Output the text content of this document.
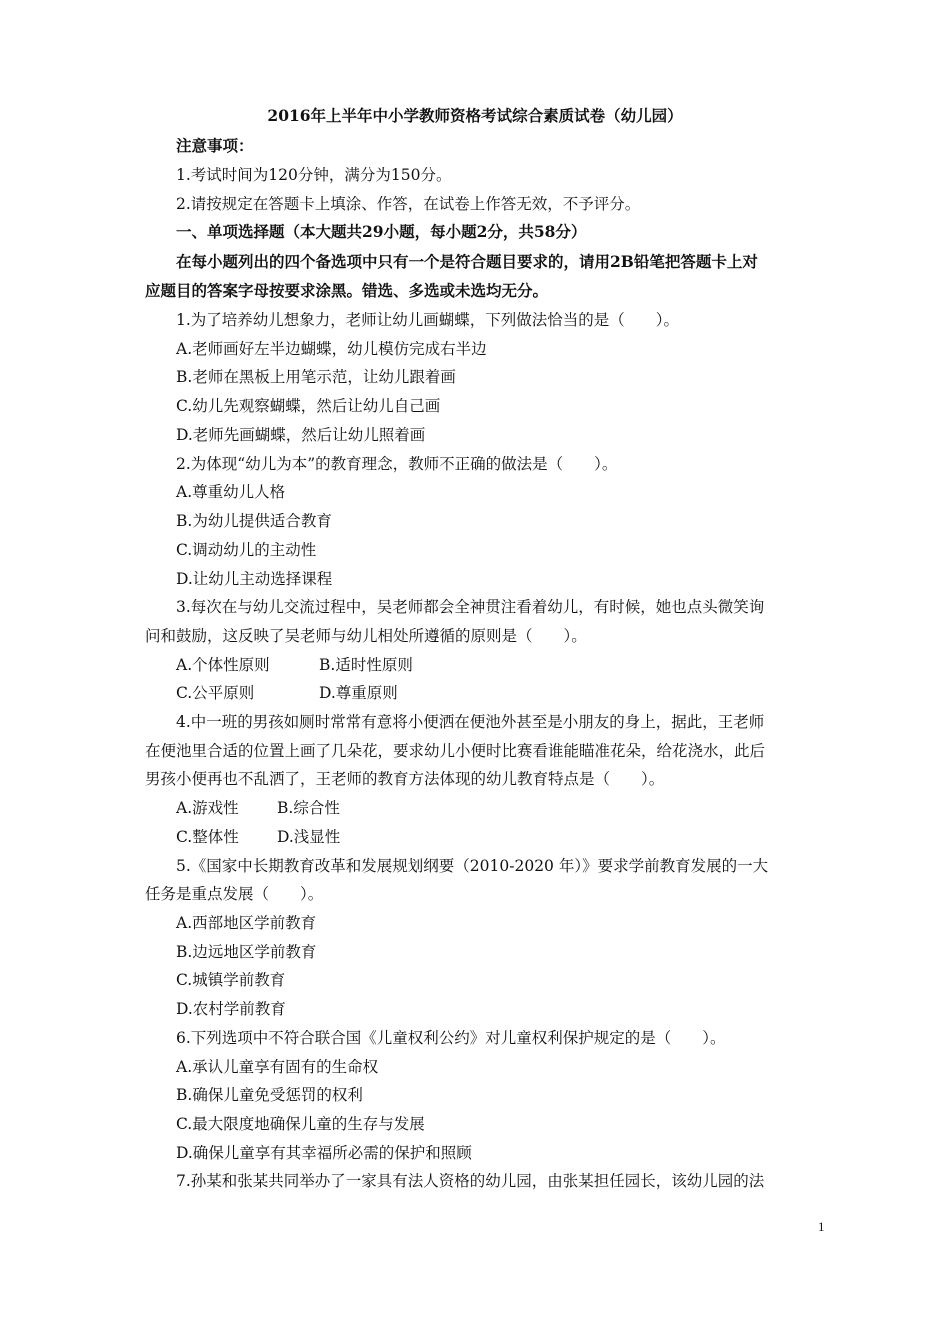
2016年上半年中小学教师资格考试综合素质试卷（幼儿园）
注意事项：
1.考试时间为120分钟，满分为150分。
2.请按规定在答题卡上填涂、作答，在试卷上作答无效，不予评分。
一、单项选择题（本大题共29小题，每小题2分，共58分）
在每小题列出的四个备选项中只有一个是符合题目要求的，请用2B铅笔把答题卡上对
应题目的答案字母按要求涂黑。错选、多选或未选均无分。
1.为了培养幼儿想象力，老师让幼儿画蝴蝶，下列做法恰当的是（　　）。
A.老师画好左半边蝴蝶，幼儿模仿完成右半边
B.老师在黑板上用笔示范，让幼儿跟着画
C.幼儿先观察蝴蝶，然后让幼儿自己画
D.老师先画蝴蝶，然后让幼儿照着画
2.为体现“幼儿为本”的教育理念，教师不正确的做法是（　　）。
A.尊重幼儿人格
B.为幼儿提供适合教育
C.调动幼儿的主动性
D.让幼儿主动选择课程
3.每次在与幼儿交流过程中，吴老师都会全神贯注看着幼儿，有时候，她也点头微笑询
问和鼓励，这反映了吴老师与幼儿相处所遵循的原则是（　　）。
A.个体性原则	B.适时性原则
C.公平原则	D.尊重原则
4.中一班的男孩如厕时常常有意将小便洒在便池外甚至是小朋友的身上，据此，王老师
在便池里合适的位置上画了几朵花，要求幼儿小便时比赛看谁能瞄准花朵，给花浇水，此后
男孩小便再也不乱洒了，王老师的教育方法体现的幼儿教育特点是（　　）。
A.游戏性 B.综合性
C.整体性 D.浅显性
5.《国家中长期教育改革和发展规划纲要（2010-2020 年）》要求学前教育发展的一大
任务是重点发展（　　）。
A.西部地区学前教育
B.边远地区学前教育
C.城镇学前教育
D.农村学前教育
6.下列选项中不符合联合国《儿童权利公约》对儿童权利保护规定的是（　　）。
A.承认儿童享有固有的生命权
B.确保儿童免受惩罚的权利
C.最大限度地确保儿童的生存与发展
D.确保儿童享有其幸福所必需的保护和照顾
7.孙某和张某共同举办了一家具有法人资格的幼儿园，由张某担任园长，该幼儿园的法
1
